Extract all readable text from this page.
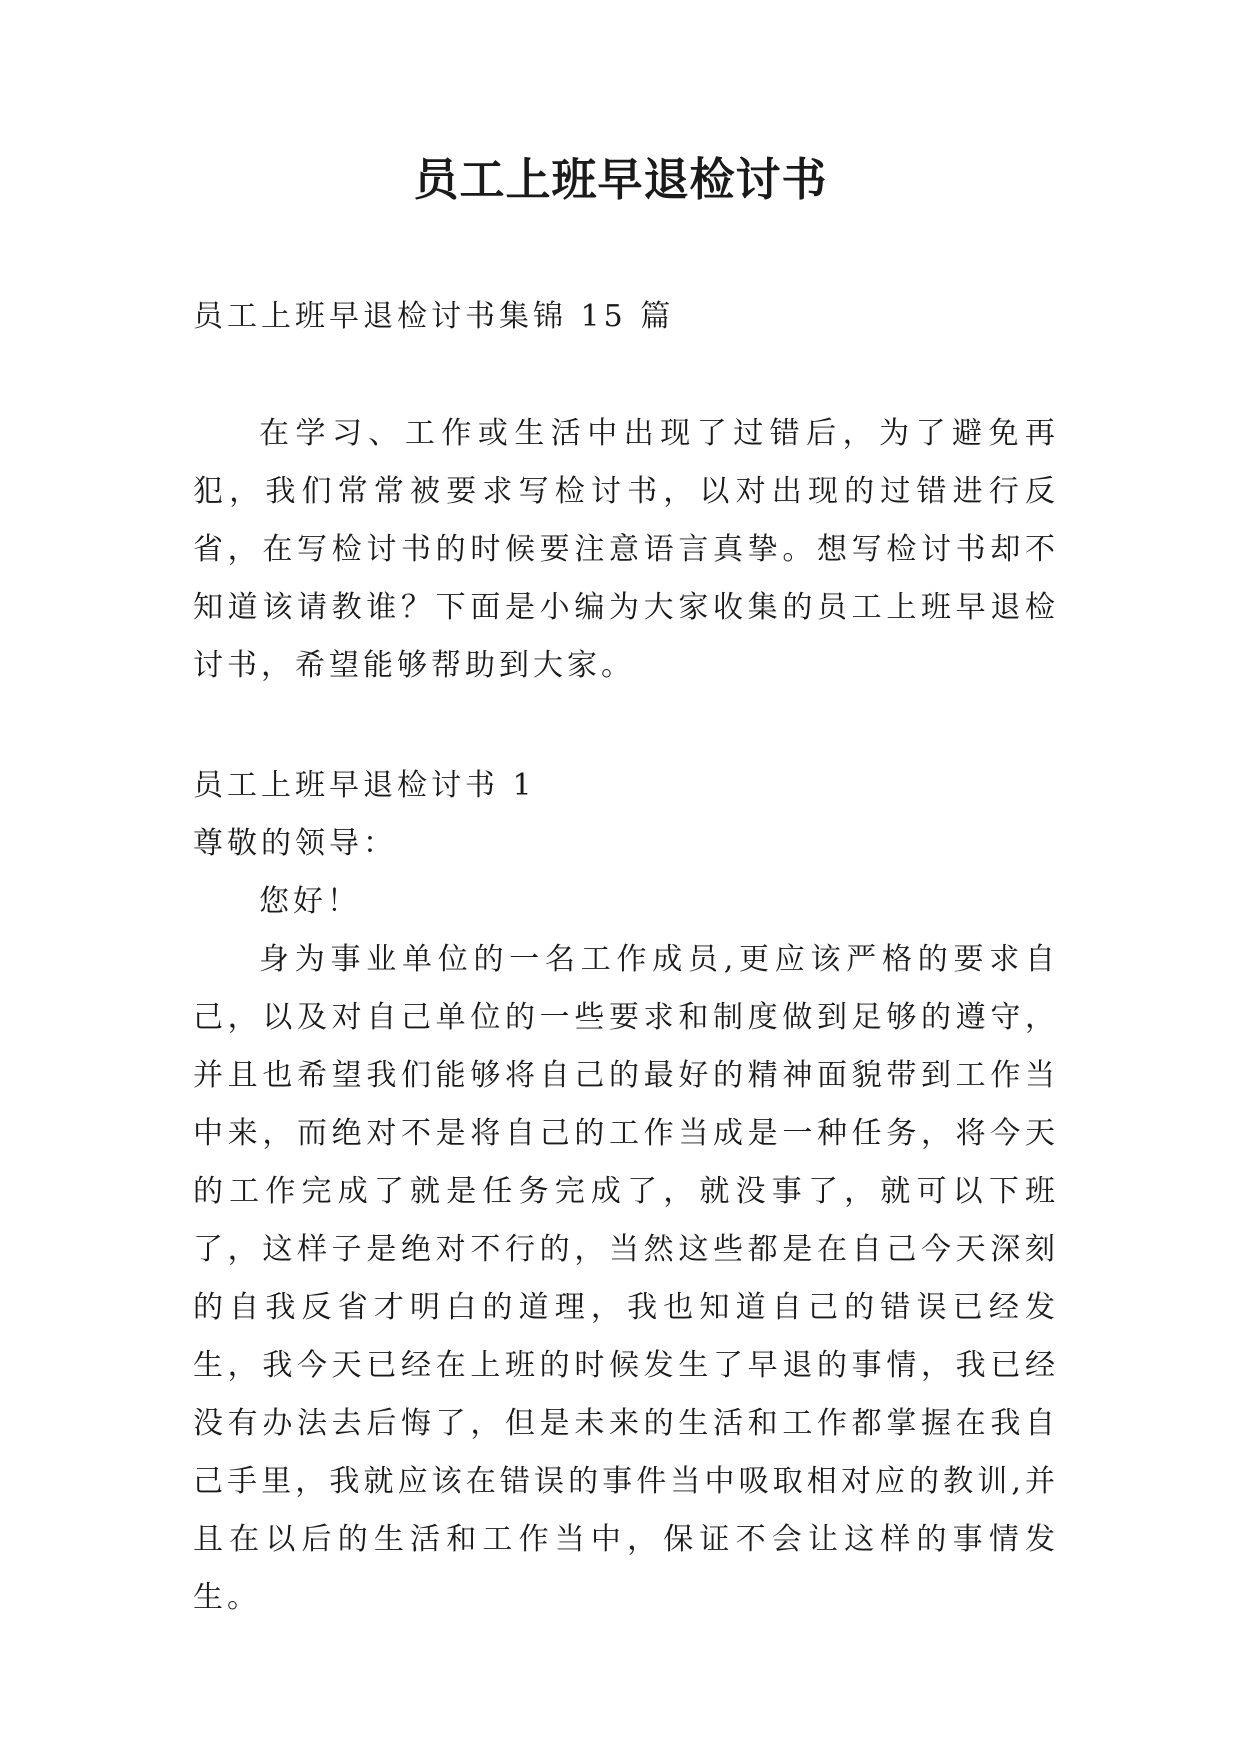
员工上班早退检讨书

员工上班早退检讨书集锦 15 篇

在学习、工作或生活中出现了过错后，为了避免再犯，我们常常被要求写检讨书，以对出现的过错进行反省，在写检讨书的时候要注意语言真挚。想写检讨书却不知道该请教谁？下面是小编为大家收集的员工上班早退检讨书，希望能够帮助到大家。

员工上班早退检讨书 1

尊敬的领导：

您好！

身为事业单位的一名工作成员,更应该严格的要求自己，以及对自己单位的一些要求和制度做到足够的遵守，并且也希望我们能够将自己的最好的精神面貌带到工作当中来，而绝对不是将自己的工作当成是一种任务，将今天的工作完成了就是任务完成了，就没事了，就可以下班了，这样子是绝对不行的，当然这些都是在自己今天深刻的自我反省才明白的道理，我也知道自己的错误已经发生，我今天已经在上班的时候发生了早退的事情，我已经没有办法去后悔了，但是未来的生活和工作都掌握在我自己手里，我就应该在错误的事件当中吸取相对应的教训,并且在以后的生活和工作当中，保证不会让这样的事情发生。
